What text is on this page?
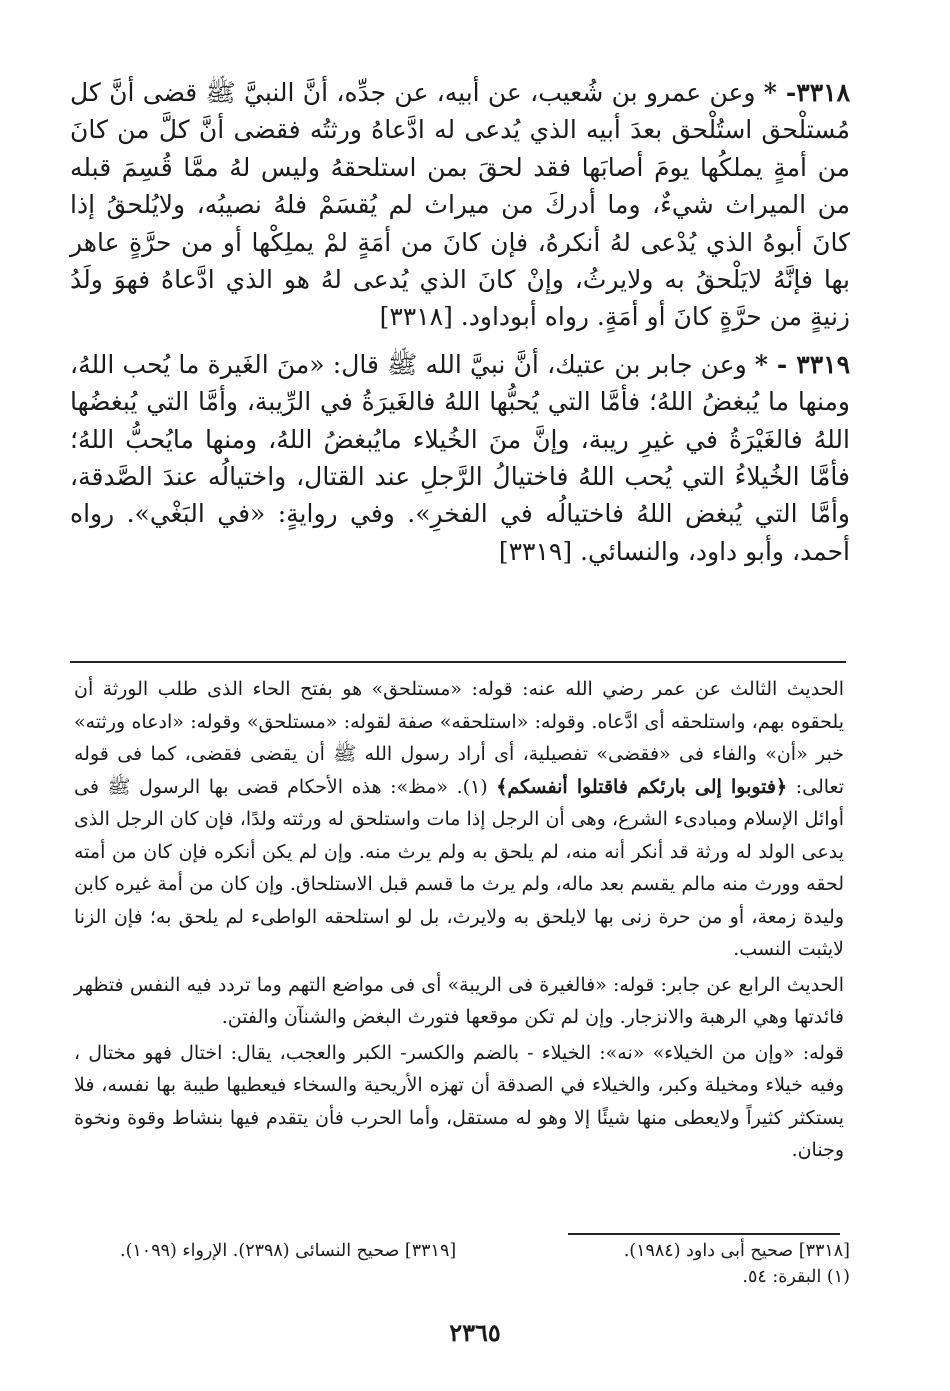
٣٣١٨- * وعن عمرو بن شُعيب، عن أبيه، عن جدِّه، أنَّ النبيَّ ﷺ قضى أنَّ كل مُستلْحق استُلْحق بعدَ أبيه الذي يُدعى له ادَّعاهُ ورثتُه فقضى أنَّ كلَّ من كانَ من أمةٍ يملكُها يومَ أصابَها فقد لحقَ بمن استلحقهُ وليس لهُ ممَّا قُسِمَ قبله من الميراث شيءٌ، وما أدركَ من ميراث لم يُقسَمْ فلهُ نصيبُه، ولايُلحقُ إذا كانَ أبوهُ الذي يُدْعى لهُ أنكرهُ، فإن كانَ من أمَةٍ لمْ يملِكْها أو من حرَّةٍ عاهر بها فإنَّهُ لايَلْحقُ به ولايرثُ، وإنْ كانَ الذي يُدعى لهُ هو الذي ادَّعاهُ فهوَ ولَدُ زنيةٍ من حرَّةٍ كانَ أو أمَةٍ. رواه أبوداود. [٣٣١٨]

٣٣١٩ - * وعن جابر بن عتيك، أنَّ نبيَّ الله ﷺ قال: «منَ الغَيرة ما يُحب اللهُ، ومنها ما يُبغضُ اللهُ؛ فأمَّا التي يُحبُّها اللهُ فالغَيرَةُ في الرِّيبة، وأمَّا التي يُبغضُها اللهُ فالغَيْرَةُ في غيرِ ريبة، وإنَّ منَ الخُيلاء مايُبغضُ اللهُ، ومنها مايُحبُّ اللهُ؛ فأمَّا الخُيلاءُ التي يُحب اللهُ فاختيالُ الرَّجلِ عند القتال، واختيالُه عندَ الصَّدقة، وأمَّا التي يُبغض اللهُ فاختيالُه في الفخرِ». وفي روايةٍ: «في البَغْي». رواه أحمد، وأبو داود، والنسائي. [٣٣١٩]

الحديث الثالث عن عمر رضي الله عنه: قوله: «مستلحق» هو بفتح الحاء الذى طلب الورثة أن يلحقوه بهم، واستلحقه أى ادَّعاه. وقوله: «استلحقه» صفة لقوله: «مستلحق» وقوله: «ادعاه ورثته» خبر «أن» والفاء فى «فقضى» تفصيلية، أى أراد رسول الله ﷺ أن يقضى فقضى، كما فى قوله تعالى: ﴿فتوبوا إلى بارئكم فاقتلوا أنفسكم﴾ (١). «مظ»: هذه الأحكام قضى بها الرسول ﷺ فى أوائل الإسلام ومبادىء الشرع، وهى أن الرجل إذا مات واستلحق له ورثته ولدًا، فإن كان الرجل الذى يدعى الولد له ورثة قد أنكر أنه منه، لم يلحق به ولم يرث منه. وإن لم يكن أنكره فإن كان من أمته لحقه وورث منه مالم يقسم بعد ماله، ولم يرث ما قسم قبل الاستلحاق. وإن كان من أمة غيره كابن وليدة زمعة، أو من حرة زنى بها لايلحق به ولايرث، بل لو استلحقه الواطىء لم يلحق به؛ فإن الزنا لايثبت النسب.

الحديث الرابع عن جابر: قوله: «فالغيرة فى الريبة» أى فى مواضع التهم وما تردد فيه النفس فتظهر فائدتها وهي الرهبة والانزجار. وإن لم تكن موقعها فتورث البغض والشنآن والفتن.

قوله: «وإن من الخيلاء» «نه»: الخيلاء - بالضم والكسر- الكبر والعجب، يقال: اختال فهو مختال ، وفيه خيلاء ومخيلة وكبر، والخيلاء في الصدقة أن تهزه الأريحية والسخاء فيعطيها طيبة بها نفسه، فلا يستكثر كثيراً ولايعطى منها شيئًا إلا وهو له مستقل، وأما الحرب فأن يتقدم فيها بنشاط وقوة ونخوة وجنان.

[٣٣١٨] صحيح أبى داود (١٩٨٤).
[٣٣١٩] صحيح النسائى (٢٣٩٨). الإرواء (١٠٩٩).
(١) البقرة: ٥٤.
٢٣٦٥
